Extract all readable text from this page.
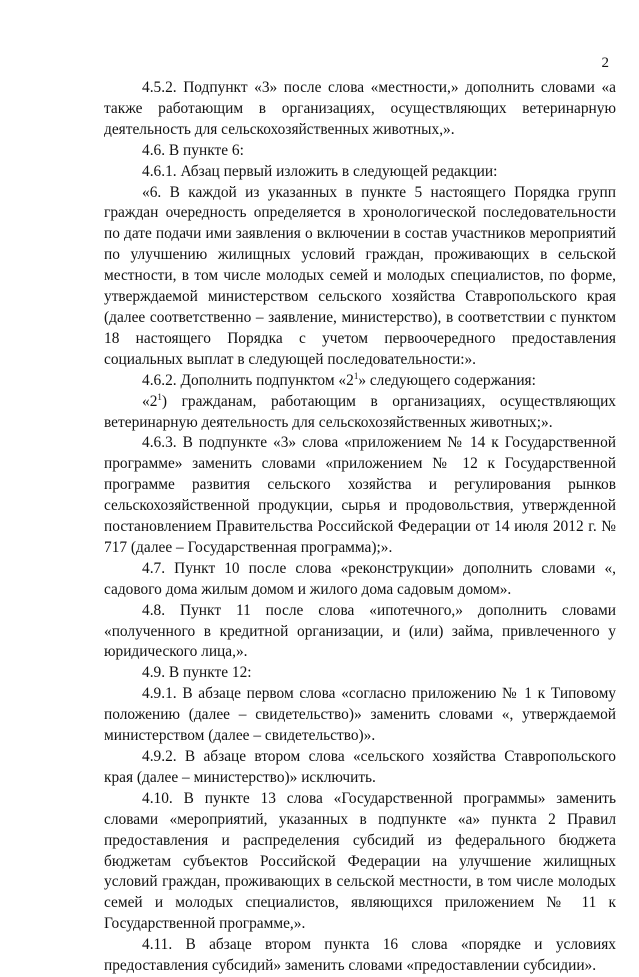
2

4.5.2. Подпункт «3» после слова «местности,» дополнить словами «а также работающим в организациях, осуществляющих ветеринарную деятельность для сельскохозяйственных животных,».

4.6. В пункте 6:

4.6.1. Абзац первый изложить в следующей редакции:

«6. В каждой из указанных в пункте 5 настоящего Порядка групп граждан очередность определяется в хронологической последовательности по дате подачи ими заявления о включении в состав участников мероприятий по улучшению жилищных условий граждан, проживающих в сельской местности, в том числе молодых семей и молодых специалистов, по форме, утверждаемой министерством сельского хозяйства Ставропольского края (далее соответственно – заявление, министерство), в соответствии с пунктом 18 настоящего Порядка с учетом первоочередного предоставления социальных выплат в следующей последовательности:».

4.6.2. Дополнить подпунктом «$2^1$» следующего содержания:

«$2^1$) гражданам, работающим в организациях, осуществляющих ветеринарную деятельность для сельскохозяйственных животных;».

4.6.3. В подпункте «3» слова «приложением № 14 к Государственной программе» заменить словами «приложением № 12 к Государственной программе развития сельского хозяйства и регулирования рынков сельскохозяйственной продукции, сырья и продовольствия, утвержденной постановлением Правительства Российской Федерации от 14 июля 2012 г. № 717 (далее – Государственная программа);».

4.7. Пункт 10 после слова «реконструкции» дополнить словами «, садового дома жилым домом и жилого дома садовым домом».

4.8. Пункт 11 после слова «ипотечного,» дополнить словами «полученного в кредитной организации, и (или) займа, привлеченного у юридического лица,».

4.9. В пункте 12:

4.9.1. В абзаце первом слова «согласно приложению № 1 к Типовому положению (далее – свидетельство)» заменить словами «, утверждаемой министерством (далее – свидетельство)».

4.9.2. В абзаце втором слова «сельского хозяйства Ставропольского края (далее – министерство)» исключить.

4.10. В пункте 13 слова «Государственной программы» заменить словами «мероприятий, указанных в подпункте «а» пункта 2 Правил предоставления и распределения субсидий из федерального бюджета бюджетам субъектов Российской Федерации на улучшение жилищных условий граждан, проживающих в сельской местности, в том числе молодых семей и молодых специалистов, являющихся приложением № 11 к Государственной программе,».

4.11. В абзаце втором пункта 16 слова «порядке и условиях предоставления субсидий» заменить словами «предоставлении субсидии».
